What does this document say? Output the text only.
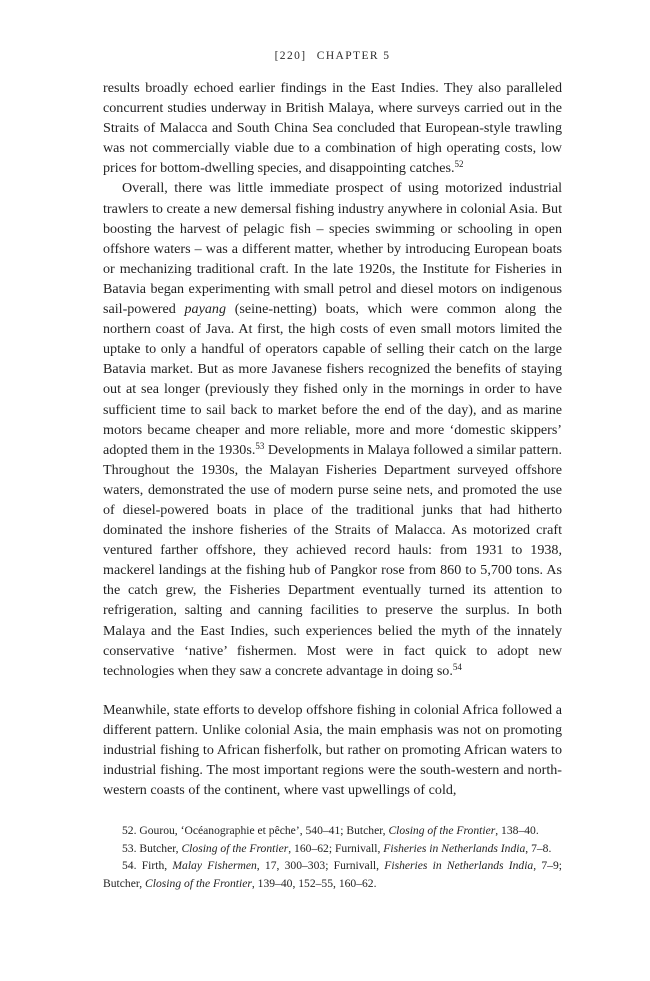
[220] CHAPTER 5

results broadly echoed earlier findings in the East Indies. They also paralleled concurrent studies underway in British Malaya, where surveys carried out in the Straits of Malacca and South China Sea concluded that European-style trawling was not commercially viable due to a combination of high operating costs, low prices for bottom-dwelling species, and disappointing catches.$^{52}$

Overall, there was little immediate prospect of using motorized industrial trawlers to create a new demersal fishing industry anywhere in colonial Asia. But boosting the harvest of pelagic fish – species swimming or schooling in open offshore waters – was a different matter, whether by introducing European boats or mechanizing traditional craft. In the late 1920s, the Institute for Fisheries in Batavia began experimenting with small petrol and diesel motors on indigenous sail-powered payang (seine-netting) boats, which were common along the northern coast of Java. At first, the high costs of even small motors limited the uptake to only a handful of operators capable of selling their catch on the large Batavia market. But as more Javanese fishers recognized the benefits of staying out at sea longer (previously they fished only in the mornings in order to have sufficient time to sail back to market before the end of the day), and as marine motors became cheaper and more reliable, more and more ‘domestic skippers’ adopted them in the 1930s.$^{53}$ Developments in Malaya followed a similar pattern. Throughout the 1930s, the Malayan Fisheries Department surveyed offshore waters, demonstrated the use of modern purse seine nets, and promoted the use of diesel-powered boats in place of the traditional junks that had hitherto dominated the inshore fisheries of the Straits of Malacca. As motorized craft ventured farther offshore, they achieved record hauls: from 1931 to 1938, mackerel landings at the fishing hub of Pangkor rose from 860 to 5,700 tons. As the catch grew, the Fisheries Department eventually turned its attention to refrigeration, salting and canning facilities to preserve the surplus. In both Malaya and the East Indies, such experiences belied the myth of the innately conservative ‘native’ fishermen. Most were in fact quick to adopt new technologies when they saw a concrete advantage in doing so.$^{54}$

Meanwhile, state efforts to develop offshore fishing in colonial Africa followed a different pattern. Unlike colonial Asia, the main emphasis was not on promoting industrial fishing to African fisherfolk, but rather on promoting African waters to industrial fishing. The most important regions were the south-western and north-western coasts of the continent, where vast upwellings of cold,

52. Gourou, ‘Océanographie et pêche’, 540–41; Butcher, Closing of the Frontier, 138–40.

53. Butcher, Closing of the Frontier, 160–62; Furnivall, Fisheries in Netherlands India, 7–8.

54. Firth, Malay Fishermen, 17, 300–303; Furnivall, Fisheries in Netherlands India, 7–9; Butcher, Closing of the Frontier, 139–40, 152–55, 160–62.
